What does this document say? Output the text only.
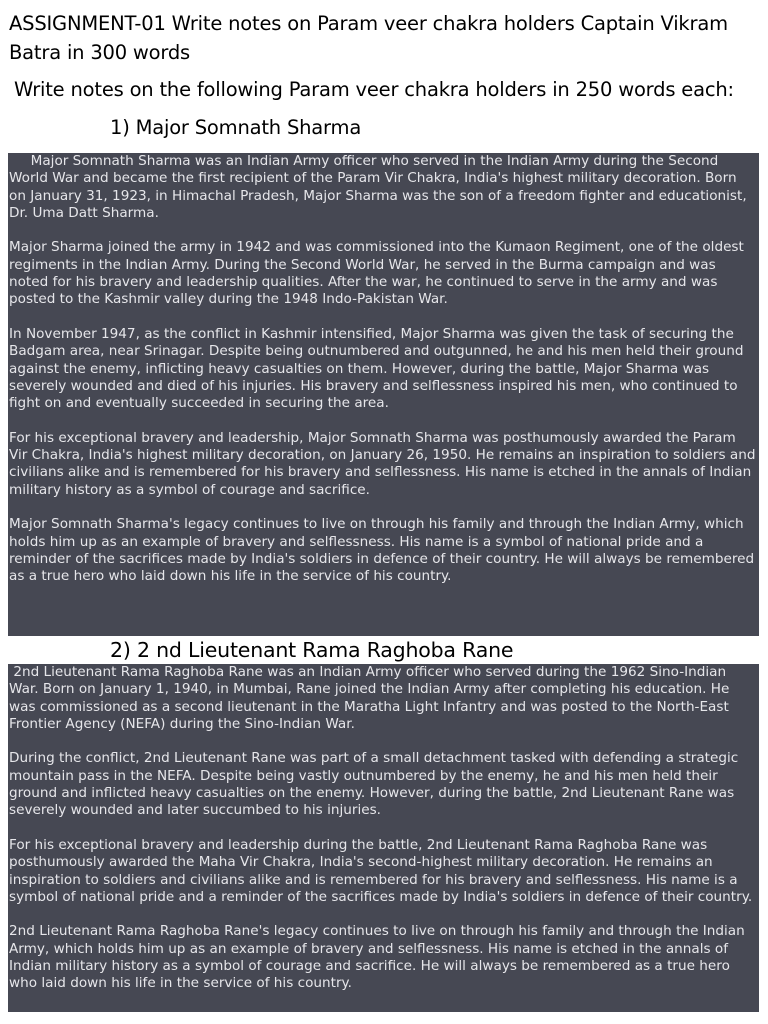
ASSIGNMENT-01 Write notes on Param veer chakra holders Captain Vikram Batra in 300 words

Write notes on the following Param veer chakra holders in 250 words each:

1) Major Somnath Sharma

Major Somnath Sharma was an Indian Army officer who served in the Indian Army during the Second World War and became the first recipient of the Param Vir Chakra, India's highest military decoration. Born on January 31, 1923, in Himachal Pradesh, Major Sharma was the son of a freedom fighter and educationist, Dr. Uma Datt Sharma.

Major Sharma joined the army in 1942 and was commissioned into the Kumaon Regiment, one of the oldest regiments in the Indian Army. During the Second World War, he served in the Burma campaign and was noted for his bravery and leadership qualities. After the war, he continued to serve in the army and was posted to the Kashmir valley during the 1948 Indo-Pakistan War.

In November 1947, as the conflict in Kashmir intensified, Major Sharma was given the task of securing the Badgam area, near Srinagar. Despite being outnumbered and outgunned, he and his men held their ground against the enemy, inflicting heavy casualties on them. However, during the battle, Major Sharma was severely wounded and died of his injuries. His bravery and selflessness inspired his men, who continued to fight on and eventually succeeded in securing the area.

For his exceptional bravery and leadership, Major Somnath Sharma was posthumously awarded the Param Vir Chakra, India's highest military decoration, on January 26, 1950. He remains an inspiration to soldiers and civilians alike and is remembered for his bravery and selflessness. His name is etched in the annals of Indian military history as a symbol of courage and sacrifice.

Major Somnath Sharma's legacy continues to live on through his family and through the Indian Army, which holds him up as an example of bravery and selflessness. His name is a symbol of national pride and a reminder of the sacrifices made by India's soldiers in defence of their country. He will always be remembered as a true hero who laid down his life in the service of his country.

2) 2 nd Lieutenant Rama Raghoba Rane

2nd Lieutenant Rama Raghoba Rane was an Indian Army officer who served during the 1962 Sino-Indian War. Born on January 1, 1940, in Mumbai, Rane joined the Indian Army after completing his education. He was commissioned as a second lieutenant in the Maratha Light Infantry and was posted to the North-East Frontier Agency (NEFA) during the Sino-Indian War.

During the conflict, 2nd Lieutenant Rane was part of a small detachment tasked with defending a strategic mountain pass in the NEFA. Despite being vastly outnumbered by the enemy, he and his men held their ground and inflicted heavy casualties on the enemy. However, during the battle, 2nd Lieutenant Rane was severely wounded and later succumbed to his injuries.

For his exceptional bravery and leadership during the battle, 2nd Lieutenant Rama Raghoba Rane was posthumously awarded the Maha Vir Chakra, India's second-highest military decoration. He remains an inspiration to soldiers and civilians alike and is remembered for his bravery and selflessness. His name is a symbol of national pride and a reminder of the sacrifices made by India's soldiers in defence of their country.

2nd Lieutenant Rama Raghoba Rane's legacy continues to live on through his family and through the Indian Army, which holds him up as an example of bravery and selflessness. His name is etched in the annals of Indian military history as a symbol of courage and sacrifice. He will always be remembered as a true hero who laid down his life in the service of his country.
